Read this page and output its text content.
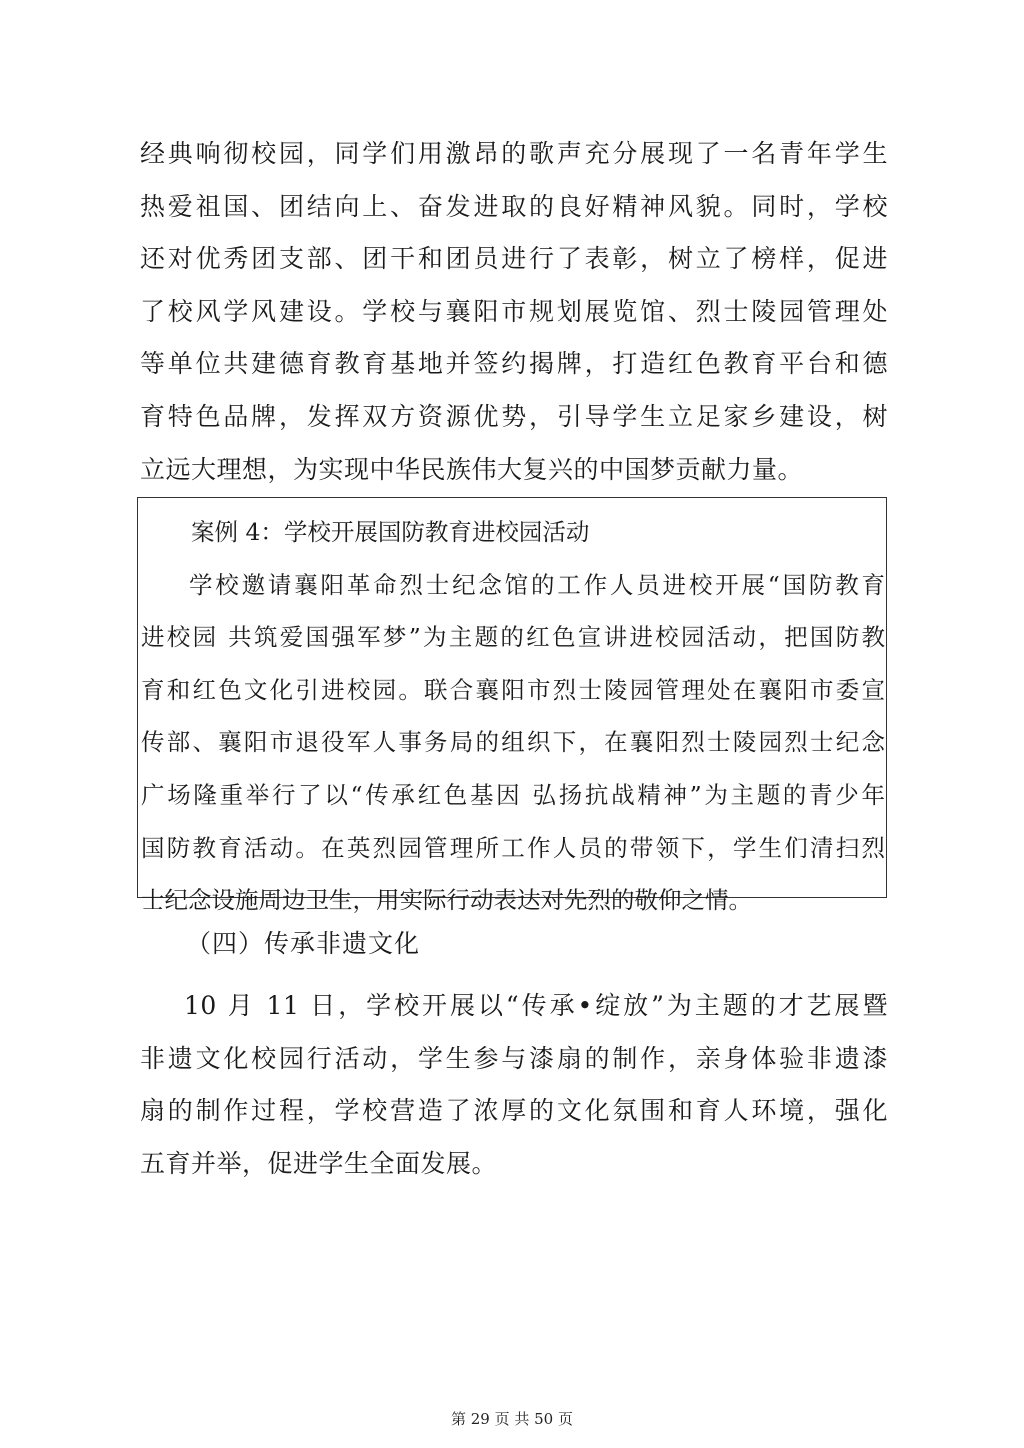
经典响彻校园，同学们用激昂的歌声充分展现了一名青年学生
热爱祖国、团结向上、奋发进取的良好精神风貌。同时，学校
还对优秀团支部、团干和团员进行了表彰，树立了榜样，促进
了校风学风建设。学校与襄阳市规划展览馆、烈士陵园管理处
等单位共建德育教育基地并签约揭牌，打造红色教育平台和德
育特色品牌，发挥双方资源优势，引导学生立足家乡建设，树
立远大理想，为实现中华民族伟大复兴的中国梦贡献力量。
案例 4：学校开展国防教育进校园活动
学校邀请襄阳革命烈士纪念馆的工作人员进校开展“国防教育
进校园 共筑爱国强军梦”为主题的红色宣讲进校园活动，把国防教
育和红色文化引进校园。联合襄阳市烈士陵园管理处在襄阳市委宣
传部、襄阳市退役军人事务局的组织下，在襄阳烈士陵园烈士纪念
广场隆重举行了以“传承红色基因 弘扬抗战精神”为主题的青少年
国防教育活动。在英烈园管理所工作人员的带领下，学生们清扫烈
士纪念设施周边卫生，用实际行动表达对先烈的敬仰之情。
（四）传承非遗文化
10 月 11 日，学校开展以“传承•绽放”为主题的才艺展暨
非遗文化校园行活动，学生参与漆扇的制作，亲身体验非遗漆
扇的制作过程，学校营造了浓厚的文化氛围和育人环境，强化
五育并举，促进学生全面发展。
第 29 页 共 50 页
